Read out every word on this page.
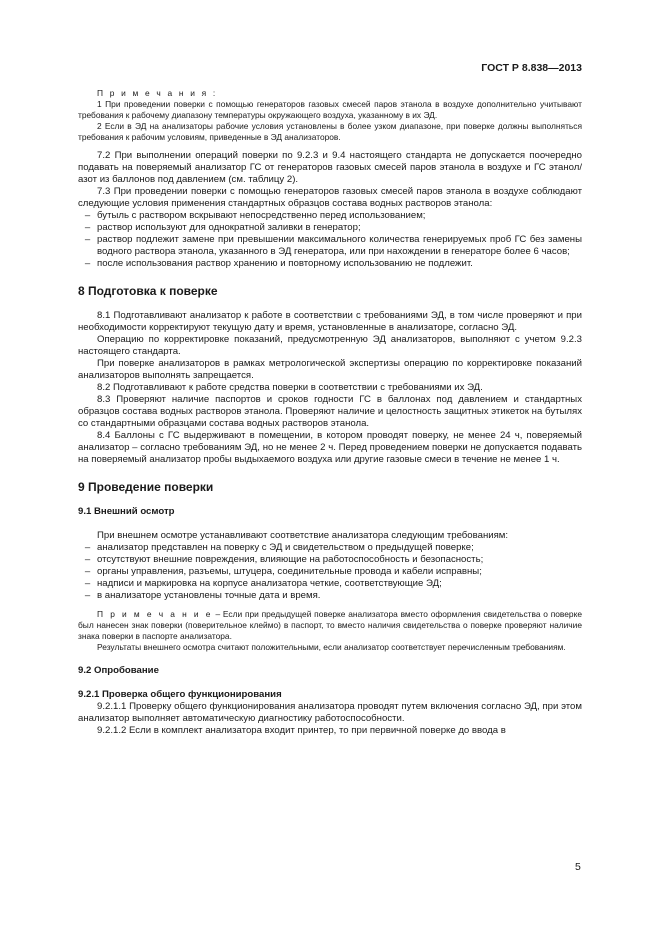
ГОСТ Р 8.838—2013
П р и м е ч а н и я :

1 При проведении поверки с помощью генераторов газовых смесей паров этанола в воздухе дополнительно учитывают требования к рабочему диапазону температуры окружающего воздуха, указанному в их ЭД.

2 Если в ЭД на анализаторы рабочие условия установлены в более узком диапазоне, при поверке должны выполняться требования к рабочим условиям, приведенные в ЭД анализаторов.

7.2 При выполнении операций поверки по 9.2.3 и 9.4 настоящего стандарта не допускается поочередно подавать на поверяемый анализатор ГС от генераторов газовых смесей паров этанола в воздухе и ГС этанол/азот из баллонов под давлением (см. таблицу 2).

7.3 При проведении поверки с помощью генераторов газовых смесей паров этанола в воздухе соблюдают следующие условия применения стандартных образцов состава водных растворов этанола:

– бутыль с раствором вскрывают непосредственно перед использованием;
– раствор используют для однократной заливки в генератор;
– раствор подлежит замене при превышении максимального количества генерируемых проб ГС без замены водного раствора этанола, указанного в ЭД генератора, или при нахождении в генераторе более 6 часов;
– после использования раствор хранению и повторному использованию не подлежит.
8 Подготовка к поверке

8.1 Подготавливают анализатор к работе в соответствии с требованиями ЭД, в том числе проверяют и при необходимости корректируют текущую дату и время, установленные в анализаторе, согласно ЭД.

Операцию по корректировке показаний, предусмотренную ЭД анализаторов, выполняют с учетом 9.2.3 настоящего стандарта.

При поверке анализаторов в рамках метрологической экспертизы операцию по корректировке показаний анализаторов выполнять запрещается.

8.2 Подготавливают к работе средства поверки в соответствии с требованиями их ЭД.

8.3 Проверяют наличие паспортов и сроков годности ГС в баллонах под давлением и стандартных образцов состава водных растворов этанола. Проверяют наличие и целостность защитных этикеток на бутылях со стандартными образцами состава водных растворов этанола.

8.4 Баллоны с ГС выдерживают в помещении, в котором проводят поверку, не менее 24 ч, поверяемый анализатор – согласно требованиям ЭД, но не менее 2 ч. Перед проведением поверки не допускается подавать на поверяемый анализатор пробы выдыхаемого воздуха или другие газовые смеси в течение не менее 1 ч.

9 Проведение поверки
9.1 Внешний осмотр

При внешнем осмотре устанавливают соответствие анализатора следующим требованиям:

– анализатор представлен на поверку с ЭД и свидетельством о предыдущей поверке;
– отсутствуют внешние повреждения, влияющие на работоспособность и безопасность;
– органы управления, разъемы, штуцера, соединительные провода и кабели исправны;
– надписи и маркировка на корпусе анализатора четкие, соответствующие ЭД;
– в анализаторе установлены точные дата и время.

П р и м е ч а н и е – Если при предыдущей поверке анализатора вместо оформления свидетельства о поверке был нанесен знак поверки (поверительное клеймо) в паспорт, то вместо наличия свидетельства о поверке проверяют наличие знака поверки в паспорте анализатора.

Результаты внешнего осмотра считают положительными, если анализатор соответствует перечисленным требованиям.

9.2 Опробование
9.2.1 Проверка общего функционирования

9.2.1.1 Проверку общего функционирования анализатора проводят путем включения согласно ЭД, при этом анализатор выполняет автоматическую диагностику работоспособности.

9.2.1.2 Если в комплект анализатора входит принтер, то при первичной поверке до ввода в

5
